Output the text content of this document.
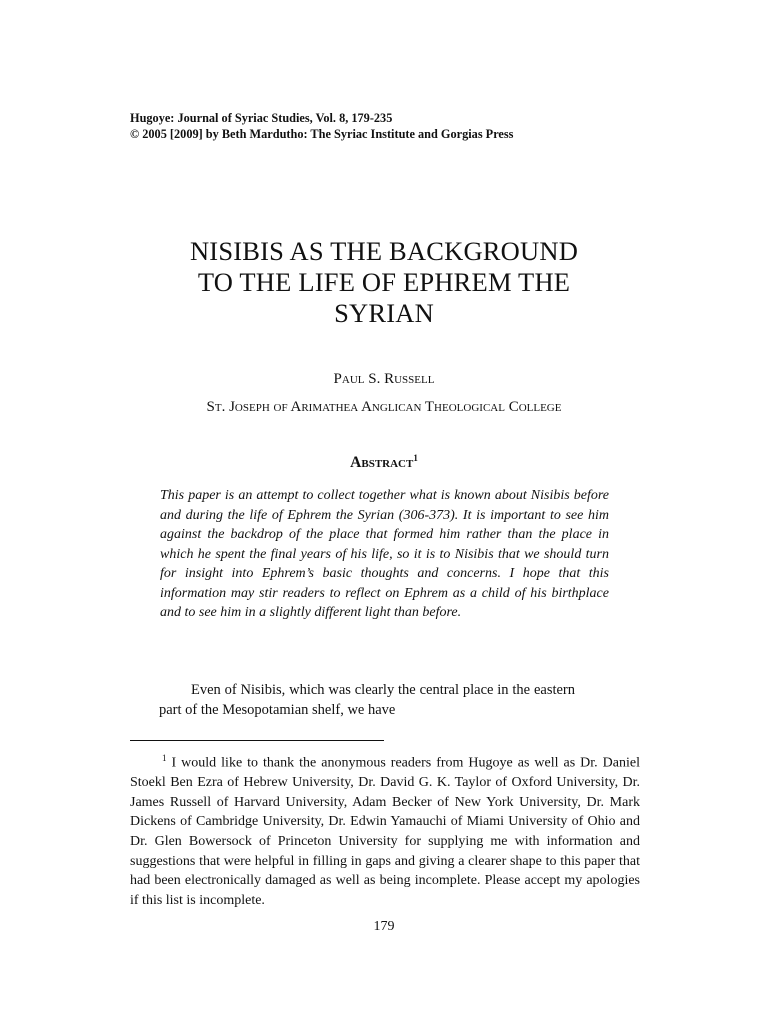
Hugoye: Journal of Syriac Studies, Vol. 8, 179-235
© 2005 [2009] by Beth Mardutho: The Syriac Institute and Gorgias Press
NISIBIS AS THE BACKGROUND
TO THE LIFE OF EPHREM THE
SYRIAN
Paul S. Russell
St. Joseph of Arimathea Anglican Theological College
Abstract$^1$
This paper is an attempt to collect together what is known about Nisibis before and during the life of Ephrem the Syrian (306-373). It is important to see him against the backdrop of the place that formed him rather than the place in which he spent the final years of his life, so it is to Nisibis that we should turn for insight into Ephrem’s basic thoughts and concerns. I hope that this information may stir readers to reflect on Ephrem as a child of his birthplace and to see him in a slightly different light than before.
Even of Nisibis, which was clearly the central place in the eastern part of the Mesopotamian shelf, we have
$^1$ I would like to thank the anonymous readers from Hugoye as well as Dr. Daniel Stoekl Ben Ezra of Hebrew University, Dr. David G. K. Taylor of Oxford University, Dr. James Russell of Harvard University, Adam Becker of New York University, Dr. Mark Dickens of Cambridge University, Dr. Edwin Yamauchi of Miami University of Ohio and Dr. Glen Bowersock of Princeton University for supplying me with information and suggestions that were helpful in filling in gaps and giving a clearer shape to this paper that had been electronically damaged as well as being incomplete. Please accept my apologies if this list is incomplete.
179
